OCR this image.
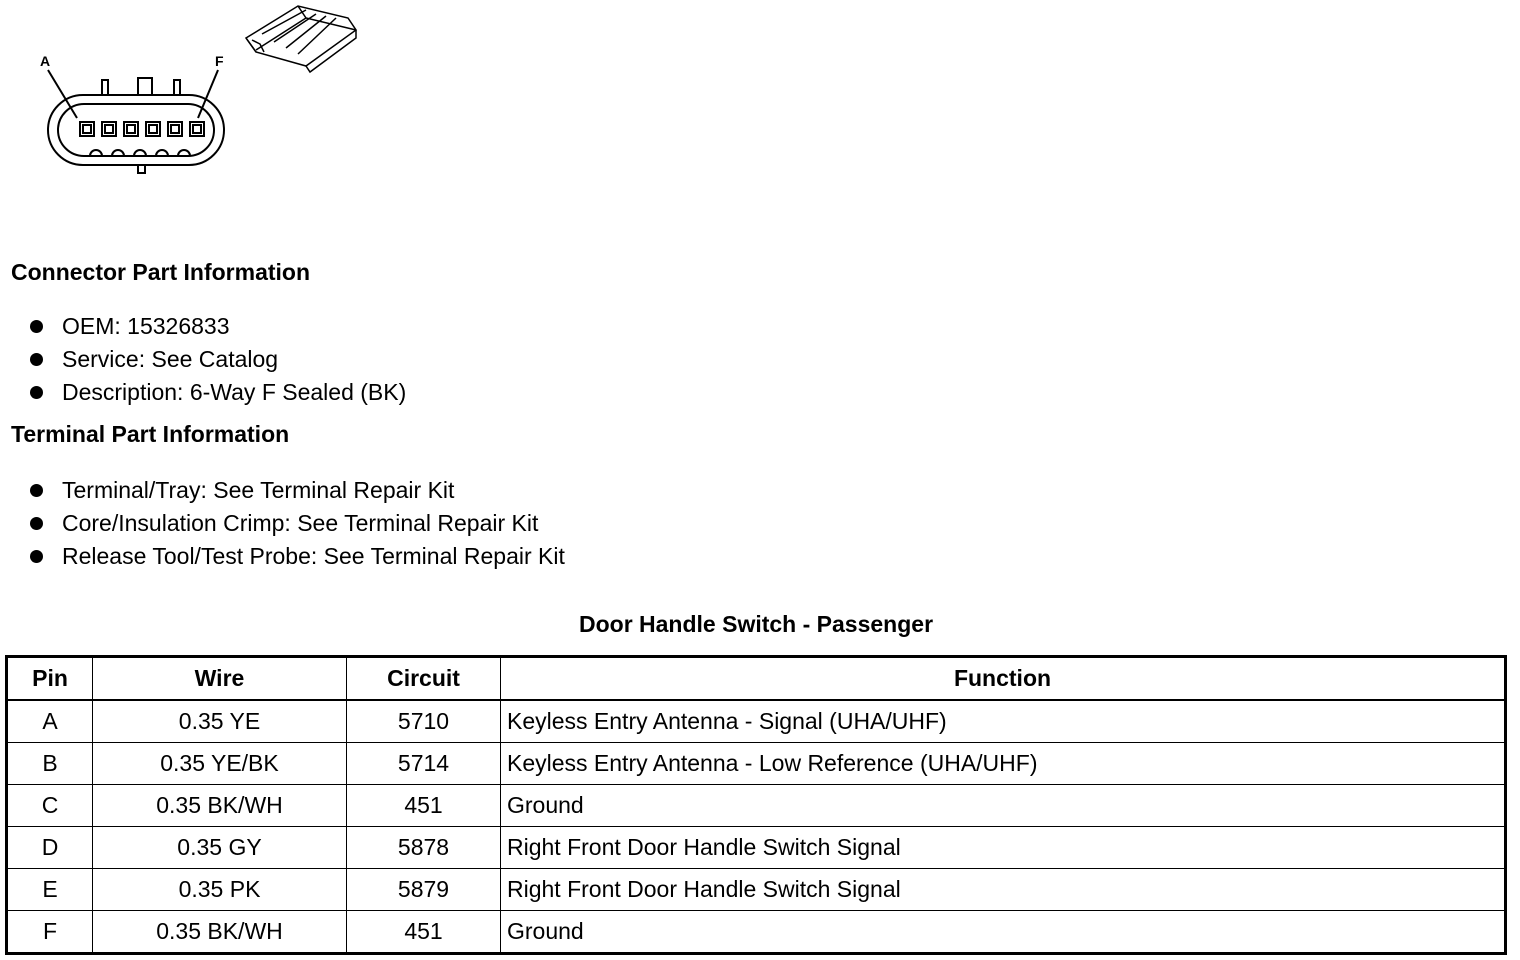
A	F
Connector Part Information
OEM: 15326833
Service: See Catalog
Description: 6-Way F Sealed (BK)
Terminal Part Information
Terminal/Tray: See Terminal Repair Kit
Core/Insulation Crimp: See Terminal Repair Kit
Release Tool/Test Probe: See Terminal Repair Kit
Door Handle Switch - Passenger
Pin	Wire	Circuit	Function
A	0.35 YE	5710	Keyless Entry Antenna - Signal (UHA/UHF)
B	0.35 YE/BK	5714	Keyless Entry Antenna - Low Reference (UHA/UHF)
C	0.35 BK/WH	451	Ground
D	0.35 GY	5878	Right Front Door Handle Switch Signal
E	0.35 PK	5879	Right Front Door Handle Switch Signal
F	0.35 BK/WH	451	Ground
